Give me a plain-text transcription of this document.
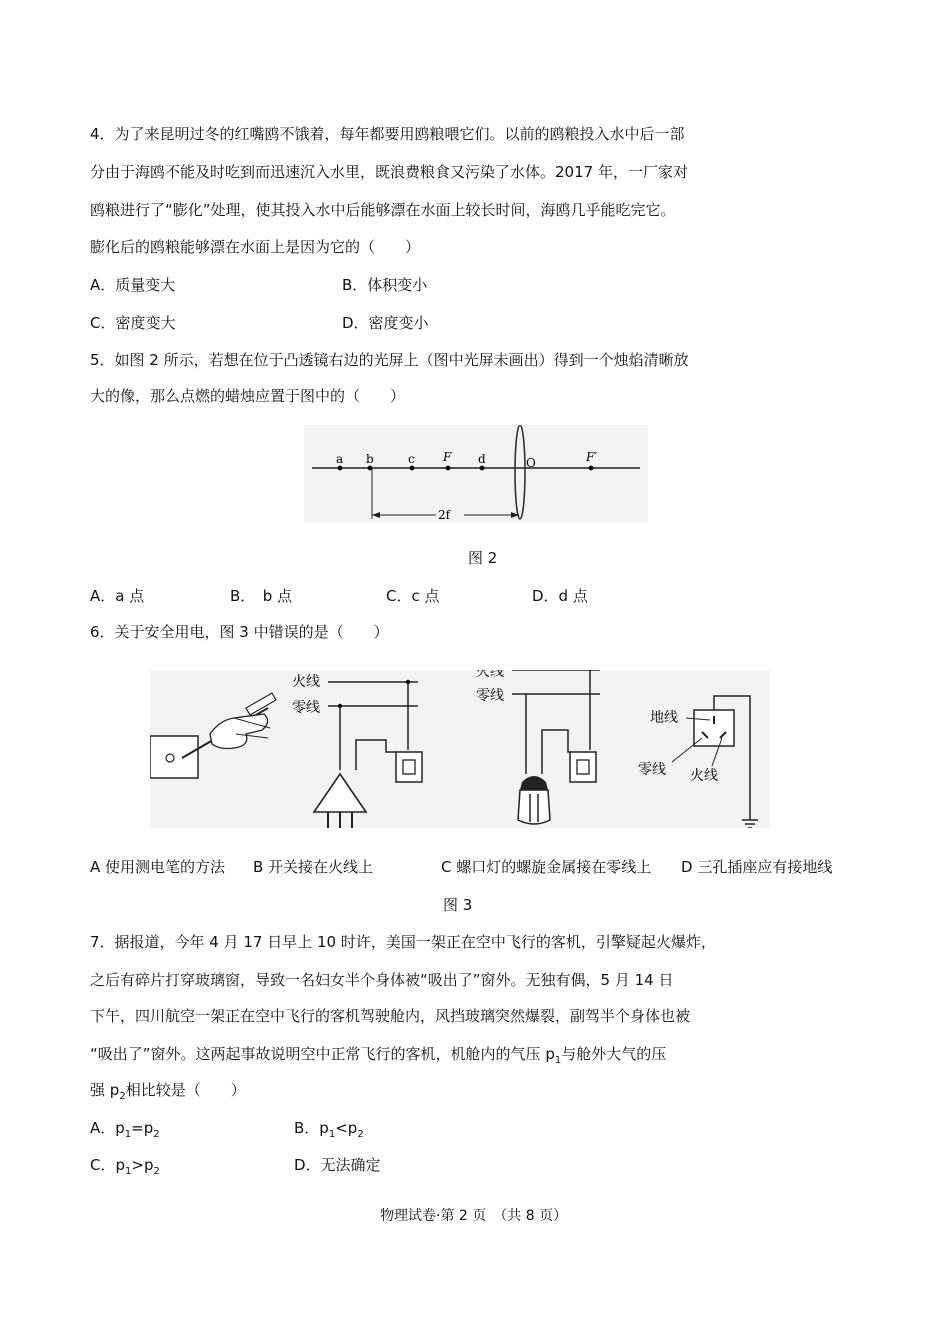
4．为了来昆明过冬的红嘴鸥不饿着，每年都要用鸥粮喂它们。以前的鸥粮投入水中后一部
分由于海鸥不能及时吃到而迅速沉入水里，既浪费粮食又污染了水体。2017 年，一厂家对
鸥粮进行了“膨化”处理，使其投入水中后能够漂在水面上较长时间，海鸥几乎能吃完它。
膨化后的鸥粮能够漂在水面上是因为它的（　　）
A．质量变大	B．体积变小
C．密度变大	D．密度变小
5．如图 2 所示，若想在位于凸透镜右边的光屏上（图中光屏未画出）得到一个烛焰清晰放
大的像，那么点燃的蜡烛应置于图中的（　　）
a b	c F d	O	F′
2f
图 2
A．a 点	B．　b 点	C．c 点	D．d 点
6．关于安全用电，图 3 中错误的是（　　）
火线
零线
火线
零线
地线
零线 火线
A 使用测电笔的方法 B 开关接在火线上	C 螺口灯的螺旋金属接在零线上 D 三孔插座应有接地线
图 3
7．据报道，今年 4 月 17 日早上 10 时许，美国一架正在空中飞行的客机，引擎疑起火爆炸，
之后有碎片打穿玻璃窗，导致一名妇女半个身体被“吸出了”窗外。无独有偶，5 月 14 日
下午，四川航空一架正在空中飞行的客机驾驶舱内，风挡玻璃突然爆裂，副驾半个身体也被
“吸出了”窗外。这两起事故说明空中正常飞行的客机，机舱内的气压 $p_1$与舱外大气的压
强 $p_2$相比较是（　　）
A．$p_1=p_2$	B．$p_1<p_2$
C．$p_1>p_2$	D．无法确定
物理试卷·第 2 页　（共 8 页）
